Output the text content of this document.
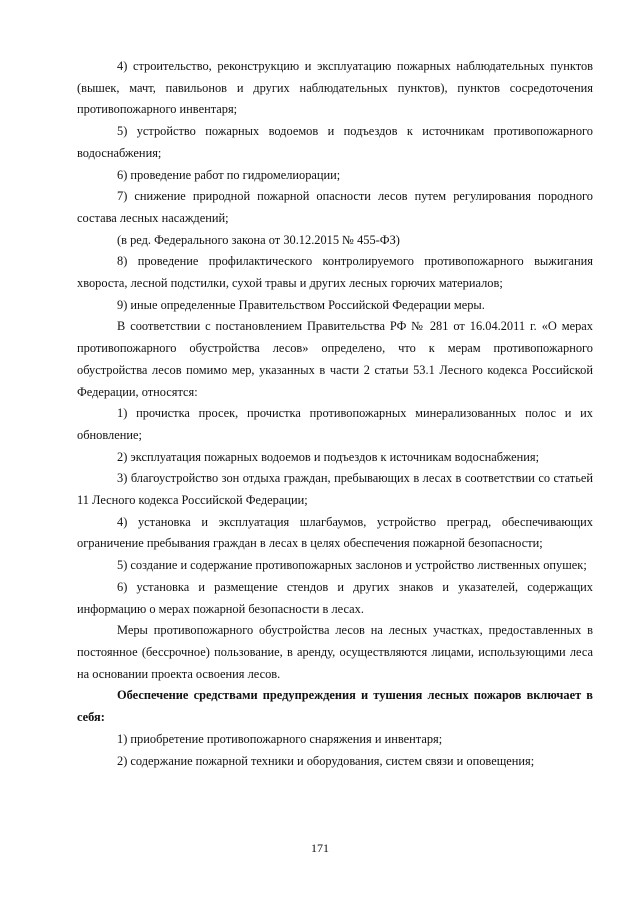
4) строительство, реконструкцию и эксплуатацию пожарных наблюдательных пунктов (вышек, мачт, павильонов и других наблюдательных пунктов), пунктов сосредоточения противопожарного инвентаря;

5) устройство пожарных водоемов и подъездов к источникам противопожарного водоснабжения;

6) проведение работ по гидромелиорации;

7) снижение природной пожарной опасности лесов путем регулирования породного состава лесных насаждений;

(в ред. Федерального закона от 30.12.2015 № 455-ФЗ)

8) проведение профилактического контролируемого противопожарного выжигания хвороста, лесной подстилки, сухой травы и других лесных горючих материалов;

9) иные определенные Правительством Российской Федерации меры.

В соответствии с постановлением Правительства РФ № 281 от 16.04.2011 г. «О мерах противопожарного обустройства лесов» определено, что к мерам противопожарного обустройства лесов помимо мер, указанных в части 2 статьи 53.1 Лесного кодекса Российской Федерации, относятся:

1) прочистка просек, прочистка противопожарных минерализованных полос и их обновление;

2) эксплуатация пожарных водоемов и подъездов к источникам водоснабжения;

3) благоустройство зон отдыха граждан, пребывающих в лесах в соответствии со статьей 11 Лесного кодекса Российской Федерации;

4) установка и эксплуатация шлагбаумов, устройство преград, обеспечивающих ограничение пребывания граждан в лесах в целях обеспечения пожарной безопасности;

5) создание и содержание противопожарных заслонов и устройство лиственных опушек;

6) установка и размещение стендов и других знаков и указателей, содержащих информацию о мерах пожарной безопасности в лесах.

Меры противопожарного обустройства лесов на лесных участках, предоставленных в постоянное (бессрочное) пользование, в аренду, осуществляются лицами, использующими леса на основании проекта освоения лесов.

Обеспечение средствами предупреждения и тушения лесных пожаров включает в себя:

1) приобретение противопожарного снаряжения и инвентаря;

2) содержание пожарной техники и оборудования, систем связи и оповещения;

171
